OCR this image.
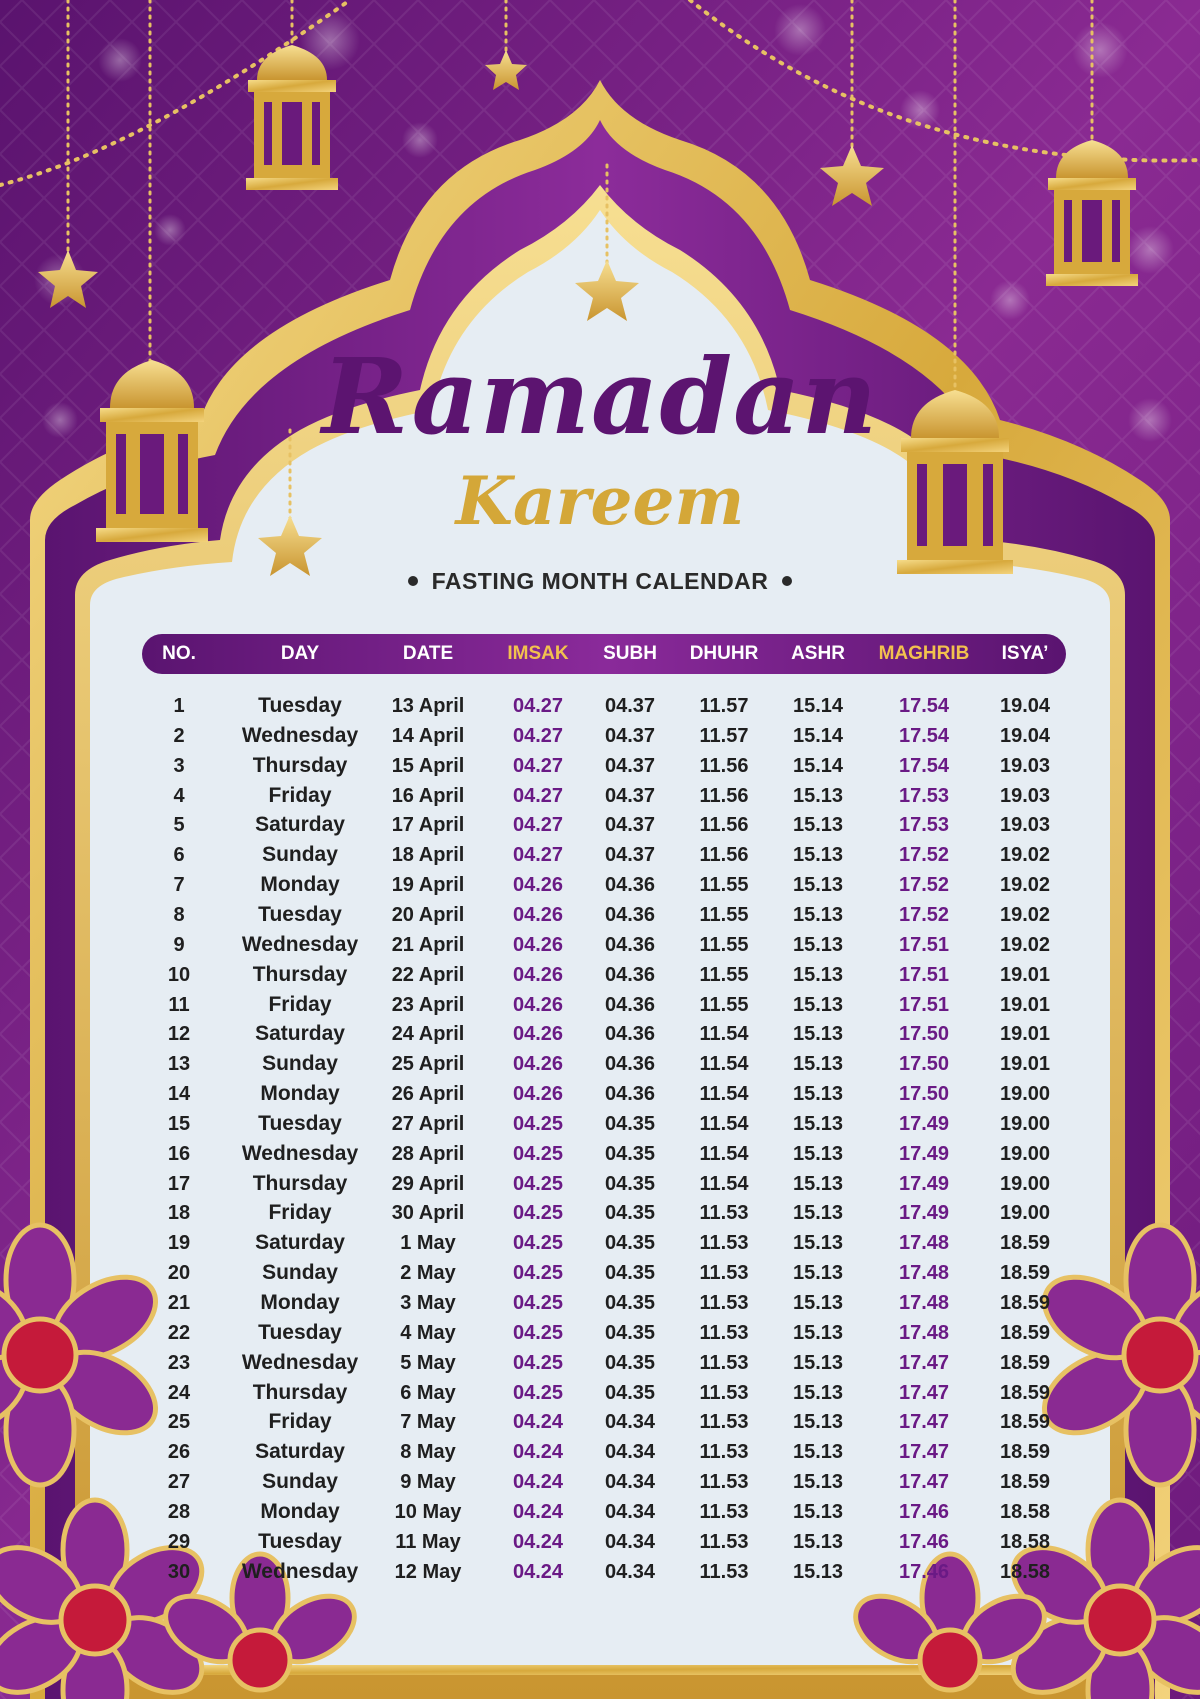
Ramadan
Kareem
FASTING MONTH CALENDAR
NO.	DAY	DATE	IMSAK	SUBH	DHUHR	ASHR	MAGHRIB	ISYA’
1	Tuesday	13 April	04.27	04.37	11.57	15.14	17.54	19.04
2	Wednesday	14 April	04.27	04.37	11.57	15.14	17.54	19.04
3	Thursday	15 April	04.27	04.37	11.56	15.14	17.54	19.03
4	Friday	16 April	04.27	04.37	11.56	15.13	17.53	19.03
5	Saturday	17 April	04.27	04.37	11.56	15.13	17.53	19.03
6	Sunday	18 April	04.27	04.37	11.56	15.13	17.52	19.02
7	Monday	19 April	04.26	04.36	11.55	15.13	17.52	19.02
8	Tuesday	20 April	04.26	04.36	11.55	15.13	17.52	19.02
9	Wednesday	21 April	04.26	04.36	11.55	15.13	17.51	19.02
10	Thursday	22 April	04.26	04.36	11.55	15.13	17.51	19.01
11	Friday	23 April	04.26	04.36	11.55	15.13	17.51	19.01
12	Saturday	24 April	04.26	04.36	11.54	15.13	17.50	19.01
13	Sunday	25 April	04.26	04.36	11.54	15.13	17.50	19.01
14	Monday	26 April	04.26	04.36	11.54	15.13	17.50	19.00
15	Tuesday	27 April	04.25	04.35	11.54	15.13	17.49	19.00
16	Wednesday	28 April	04.25	04.35	11.54	15.13	17.49	19.00
17	Thursday	29 April	04.25	04.35	11.54	15.13	17.49	19.00
18	Friday	30 April	04.25	04.35	11.53	15.13	17.49	19.00
19	Saturday	1 May	04.25	04.35	11.53	15.13	17.48	18.59
20	Sunday	2 May	04.25	04.35	11.53	15.13	17.48	18.59
21	Monday	3 May	04.25	04.35	11.53	15.13	17.48	18.59
22	Tuesday	4 May	04.25	04.35	11.53	15.13	17.48	18.59
23	Wednesday	5 May	04.25	04.35	11.53	15.13	17.47	18.59
24	Thursday	6 May	04.25	04.35	11.53	15.13	17.47	18.59
25	Friday	7 May	04.24	04.34	11.53	15.13	17.47	18.59
26	Saturday	8 May	04.24	04.34	11.53	15.13	17.47	18.59
27	Sunday	9 May	04.24	04.34	11.53	15.13	17.47	18.59
28	Monday	10 May	04.24	04.34	11.53	15.13	17.46	18.58
29	Tuesday	11 May	04.24	04.34	11.53	15.13	17.46	18.58
30	Wednesday	12 May	04.24	04.34	11.53	15.13	17.46	18.58
